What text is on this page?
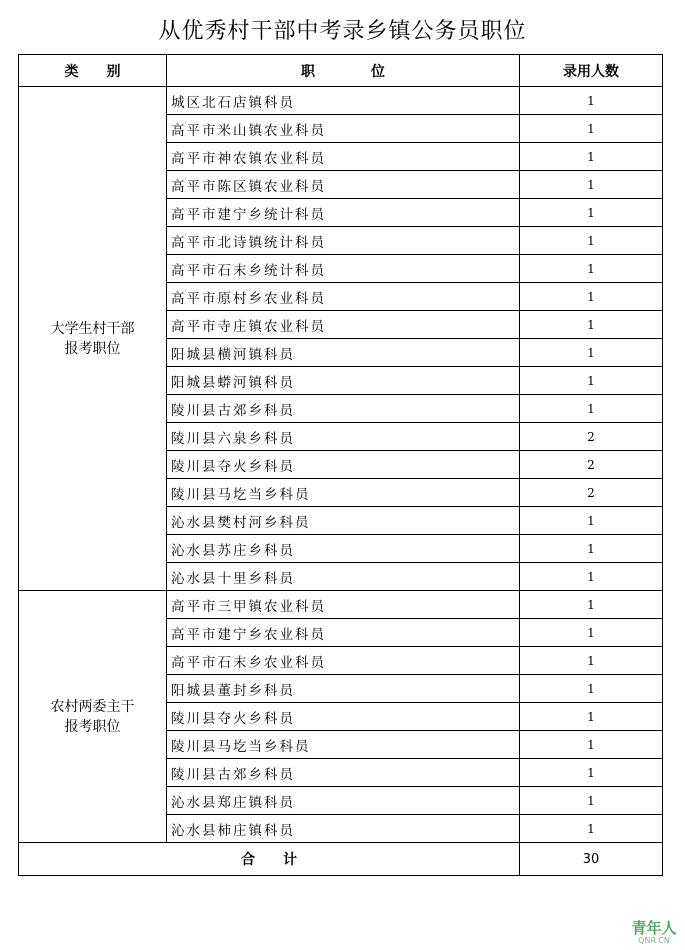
从优秀村干部中考录乡镇公务员职位
类　　别	职　　　　位	录用人数

大学生村干部
报考职位	城区北石店镇科员	1
	高平市米山镇农业科员	1
	高平市神农镇农业科员	1
	高平市陈区镇农业科员	1
	高平市建宁乡统计科员	1
	高平市北诗镇统计科员	1
	高平市石末乡统计科员	1
	高平市原村乡农业科员	1
	高平市寺庄镇农业科员	1
	阳城县横河镇科员	1
	阳城县蟒河镇科员	1
	陵川县古郊乡科员	1
	陵川县六泉乡科员	2
	陵川县夺火乡科员	2
	陵川县马圪当乡科员	2
	沁水县樊村河乡科员	1
	沁水县苏庄乡科员	1
	沁水县十里乡科员	1

农村两委主干
报考职位	高平市三甲镇农业科员	1
	高平市建宁乡农业科员	1
	高平市石末乡农业科员	1
	阳城县董封乡科员	1
	陵川县夺火乡科员	1
	陵川县马圪当乡科员	1
	陵川县古郊乡科员	1
	沁水县郑庄镇科员	1
	沁水县柿庄镇科员	1
合　　计		30
青年人
QNR.CN
